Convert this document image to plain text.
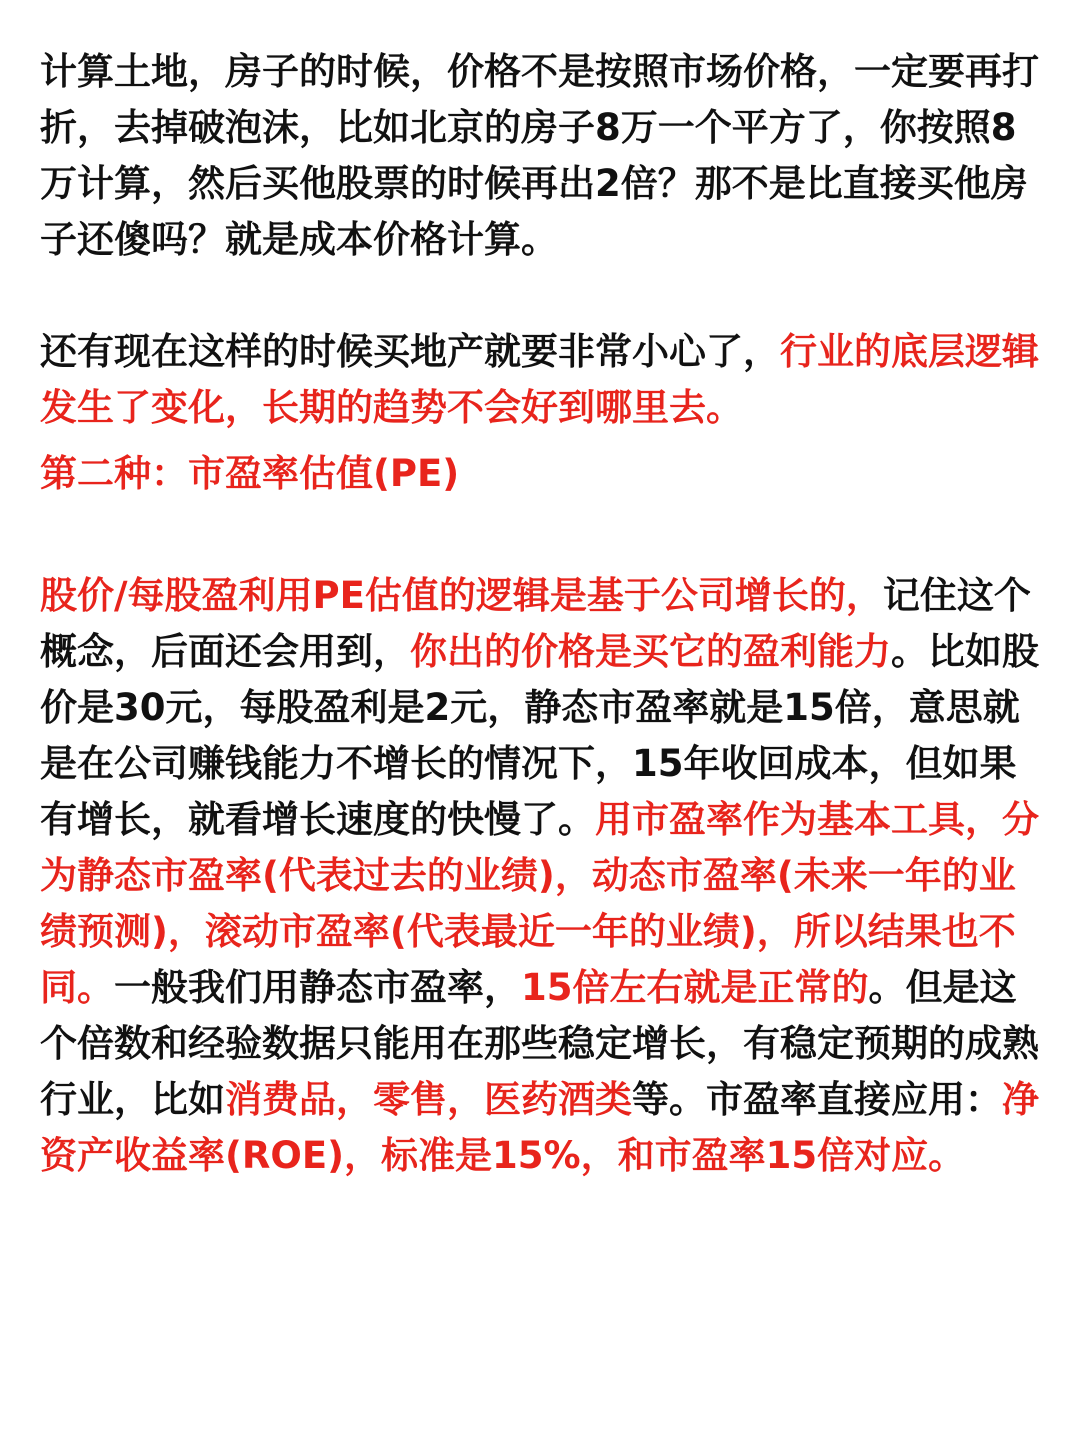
计算土地，房子的时候，价格不是按照市场价格，一定要再打折，去掉破泡沫，比如北京的房子8万一个平方了，你按照8万计算，然后买他股票的时候再出2倍？那不是比直接买他房子还傻吗？就是成本价格计算。

还有现在这样的时候买地产就要非常小心了，行业的底层逻辑发生了变化，长期的趋势不会好到哪里去。

第二种：市盈率估值(PE)

股价/每股盈利用PE估值的逻辑是基于公司增长的，记住这个概念，后面还会用到，你出的价格是买它的盈利能力。比如股价是30元，每股盈利是2元，静态市盈率就是15倍，意思就是在公司赚钱能力不增长的情况下，15年收回成本，但如果有增长，就看增长速度的快慢了。用市盈率作为基本工具，分为静态市盈率(代表过去的业绩)，动态市盈率(未来一年的业绩预测)，滚动市盈率(代表最近一年的业绩)，所以结果也不同。一般我们用静态市盈率，15倍左右就是正常的。但是这个倍数和经验数据只能用在那些稳定增长，有稳定预期的成熟行业，比如消费品，零售，医药酒类等。市盈率直接应用：净资产收益率(ROE)，标准是15%，和市盈率15倍对应。
